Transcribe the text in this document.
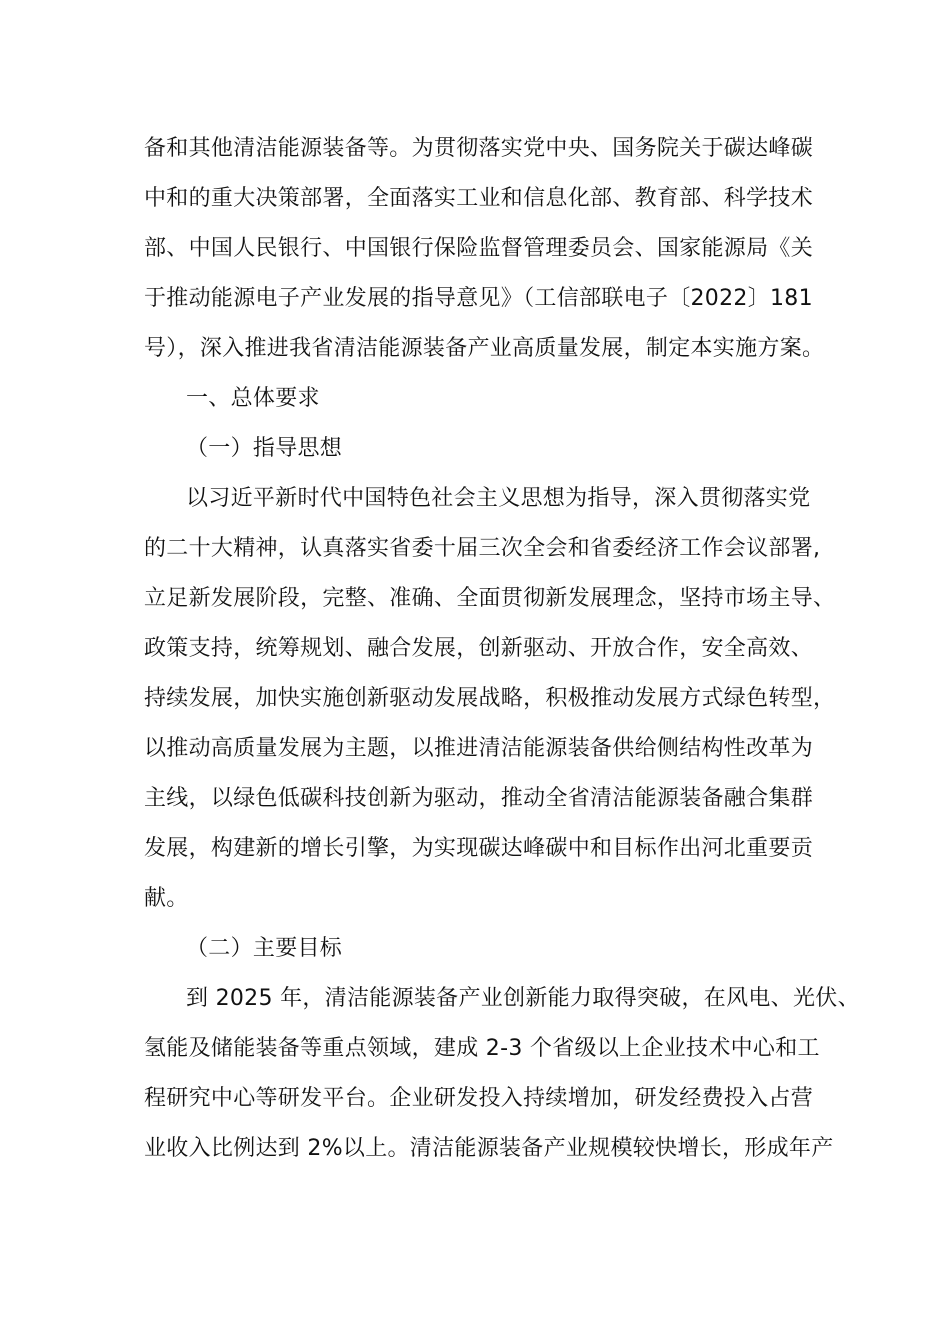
备和其他清洁能源装备等。为贯彻落实党中央、国务院关于碳达峰碳
中和的重大决策部署，全面落实工业和信息化部、教育部、科学技术
部、中国人民银行、中国银行保险监督管理委员会、国家能源局《关
于推动能源电子产业发展的指导意见》（工信部联电子〔2022〕181
号），深入推进我省清洁能源装备产业高质量发展，制定本实施方案。
一、总体要求
（一）指导思想
以习近平新时代中国特色社会主义思想为指导，深入贯彻落实党
的二十大精神，认真落实省委十届三次全会和省委经济工作会议部署,
立足新发展阶段，完整、准确、全面贯彻新发展理念，坚持市场主导、
政策支持，统筹规划、融合发展，创新驱动、开放合作，安全高效、
持续发展，加快实施创新驱动发展战略，积极推动发展方式绿色转型，
以推动高质量发展为主题，以推进清洁能源装备供给侧结构性改革为
主线，以绿色低碳科技创新为驱动，推动全省清洁能源装备融合集群
发展，构建新的增长引擎，为实现碳达峰碳中和目标作出河北重要贡
献。
（二）主要目标
到 2025 年，清洁能源装备产业创新能力取得突破，在风电、光伏、
氢能及储能装备等重点领域，建成 2-3 个省级以上企业技术中心和工
程研究中心等研发平台。企业研发投入持续增加，研发经费投入占营
业收入比例达到 2%以上。清洁能源装备产业规模较快增长，形成年产
